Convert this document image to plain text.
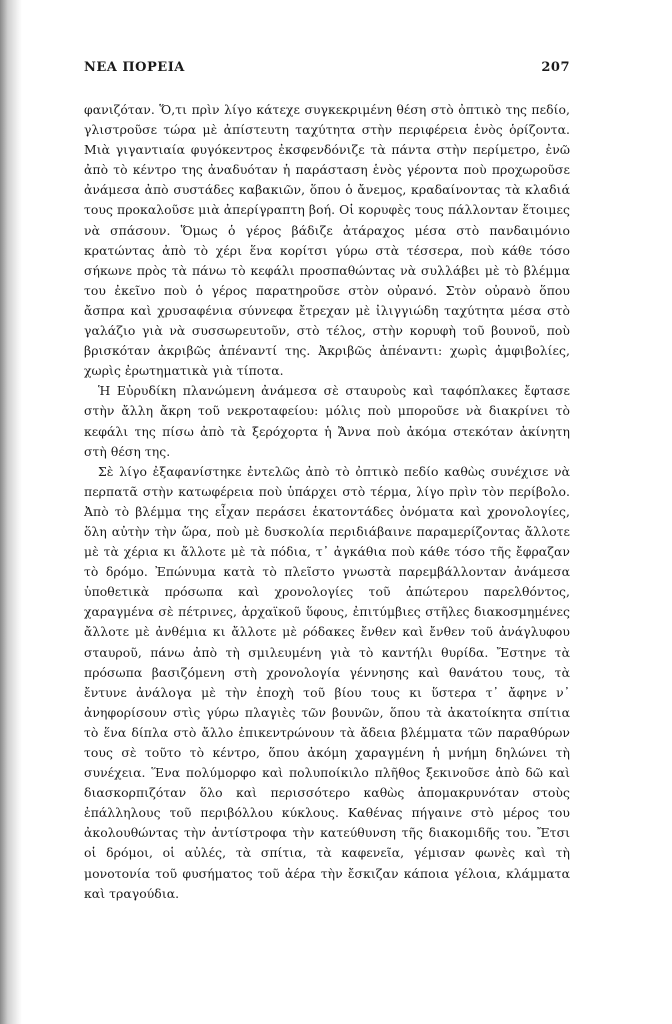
ΝΕΑ ΠΟΡΕΙΑ	207

φανιζόταν. Ὅ,τι πρὶν λίγο κάτεχε συγκεκριμένη θέση στὸ ὀπτικὸ της πεδίο, γλιστροῦσε τώρα μὲ ἀπίστευτη ταχύτητα στὴν περιφέρεια ἑνὸς ὁρίζοντα. Μιὰ γιγαντιαία φυγόκεντρος ἐκσφενδόνιζε τὰ πάντα στὴν περίμετρο, ἐνῶ ἀπὸ τὸ κέντρο της ἀναδυόταν ἡ παράσταση ἑνὸς γέροντα ποὺ προχωροῦσε ἀνάμεσα ἀπὸ συστάδες καβακιῶν, ὅπου ὁ ἄνεμος, κραδαίνοντας τὰ κλαδιά τους προκαλοῦσε μιὰ ἀπερίγραπτη βοή. Οἱ κορυφὲς τους πάλλονταν ἕτοιμες νὰ σπάσουν. Ὅμως ὁ γέρος βάδιζε ἀτάραχος μέσα στὸ πανδαιμόνιο κρατώντας ἀπὸ τὸ χέρι ἕνα κορίτσι γύρω στὰ τέσσερα, ποὺ κάθε τόσο σήκωνε πρὸς τὰ πάνω τὸ κεφάλι προσπαθώντας νὰ συλλάβει μὲ τὸ βλέμμα του ἐκεῖνο ποὺ ὁ γέρος παρατηροῦσε στὸν οὐρανό. Στὸν οὐρανὸ ὅπου ἄσπρα καὶ χρυσαφένια σύννεφα ἔτρεχαν μὲ ἰλιγγιώδη ταχύτητα μέσα στὸ γαλάζιο γιὰ νὰ συσσωρευτοῦν, στὸ τέλος, στὴν κορυφὴ τοῦ βουνοῦ, ποὺ βρισκόταν ἀκριβῶς ἀπέναντί της. Ἀκριβῶς ἀπέναντι: χωρὶς ἀμφιβολίες, χωρὶς ἐρωτηματικὰ γιὰ τίποτα.

Ἡ Εὐρυδίκη πλανώμενη ἀνάμεσα σὲ σταυροὺς καὶ ταφόπλακες ἔφτασε στὴν ἄλλη ἄκρη τοῦ νεκροταφείου: μόλις ποὺ μποροῦσε νὰ διακρίνει τὸ κεφάλι της πίσω ἀπὸ τὰ ξερόχορτα ἡ Ἄννα ποὺ ἀκόμα στεκόταν ἀκίνητη στὴ θέση της.

Σὲ λίγο ἐξαφανίστηκε ἐντελῶς ἀπὸ τὸ ὀπτικὸ πεδίο καθὼς συνέχισε νὰ περπατᾶ στὴν κατωφέρεια ποὺ ὑπάρχει στὸ τέρμα, λίγο πρὶν τὸν περίβολο. Ἀπὸ τὸ βλέμμα της εἶχαν περάσει ἑκατοντάδες ὀνόματα καὶ χρονολογίες, ὅλη αὐτὴν τὴν ὥρα, ποὺ μὲ δυσκολία περιδιάβαινε παραμερίζοντας ἄλλοτε μὲ τὰ χέρια κι ἄλλοτε μὲ τὰ πόδια, τ᾿ ἀγκάθια ποὺ κάθε τόσο τῆς ἔφραζαν τὸ δρόμο. Ἐπώνυμα κατὰ τὸ πλεῖστο γνωστὰ παρεμβάλλονταν ἀνάμεσα ὑποθετικὰ πρόσωπα καὶ χρονολογίες τοῦ ἀπώτερου παρελθόντος, χαραγμένα σὲ πέτρινες, ἀρχαϊκοῦ ὕφους, ἐπιτύμβιες στῆλες διακοσμημένες ἄλλοτε μὲ ἀνθέμια κι ἄλλοτε μὲ ρόδακες ἔνθεν καὶ ἔνθεν τοῦ ἀνάγλυφου σταυροῦ, πάνω ἀπὸ τὴ σμιλευμένη γιὰ τὸ καντήλι θυρίδα. Ἔστηνε τὰ πρόσωπα βασιζόμενη στὴ χρονολογία γέννησης καὶ θανάτου τους, τὰ ἔντυνε ἀνάλογα μὲ τὴν ἐποχὴ τοῦ βίου τους κι ὕστερα τ᾿ ἄφηνε ν᾿ ἀνηφορίσουν στὶς γύρω πλαγιὲς τῶν βουνῶν, ὅπου τὰ ἀκατοίκητα σπίτια τὸ ἕνα δίπλα στὸ ἄλλο ἐπικεντρώνουν τὰ ἄδεια βλέμματα τῶν παραθύρων τους σὲ τοῦτο τὸ κέντρο, ὅπου ἀκόμη χαραγμένη ἡ μνήμη δηλώνει τὴ συνέχεια. Ἕνα πολύμορφο καὶ πολυποίκιλο πλῆθος ξεκινοῦσε ἀπὸ δῶ καὶ διασκορπιζόταν ὅλο καὶ περισσότερο καθὼς ἀπομακρυνόταν στοὺς ἐπάλληλους τοῦ περιβόλλου κύκλους. Καθένας πήγαινε στὸ μέρος του ἀκολουθώντας τὴν ἀντίστροφα τὴν κατεύθυνση τῆς διακομιδῆς του. Ἔτσι οἱ δρόμοι, οἱ αὐλές, τὰ σπίτια, τὰ καφενεῖα, γέμισαν φωνὲς καὶ τὴ μονοτονία τοῦ φυσήματος τοῦ ἀέρα τὴν ἔσκιζαν κάποια γέλοια, κλάμματα καὶ τραγούδια.
